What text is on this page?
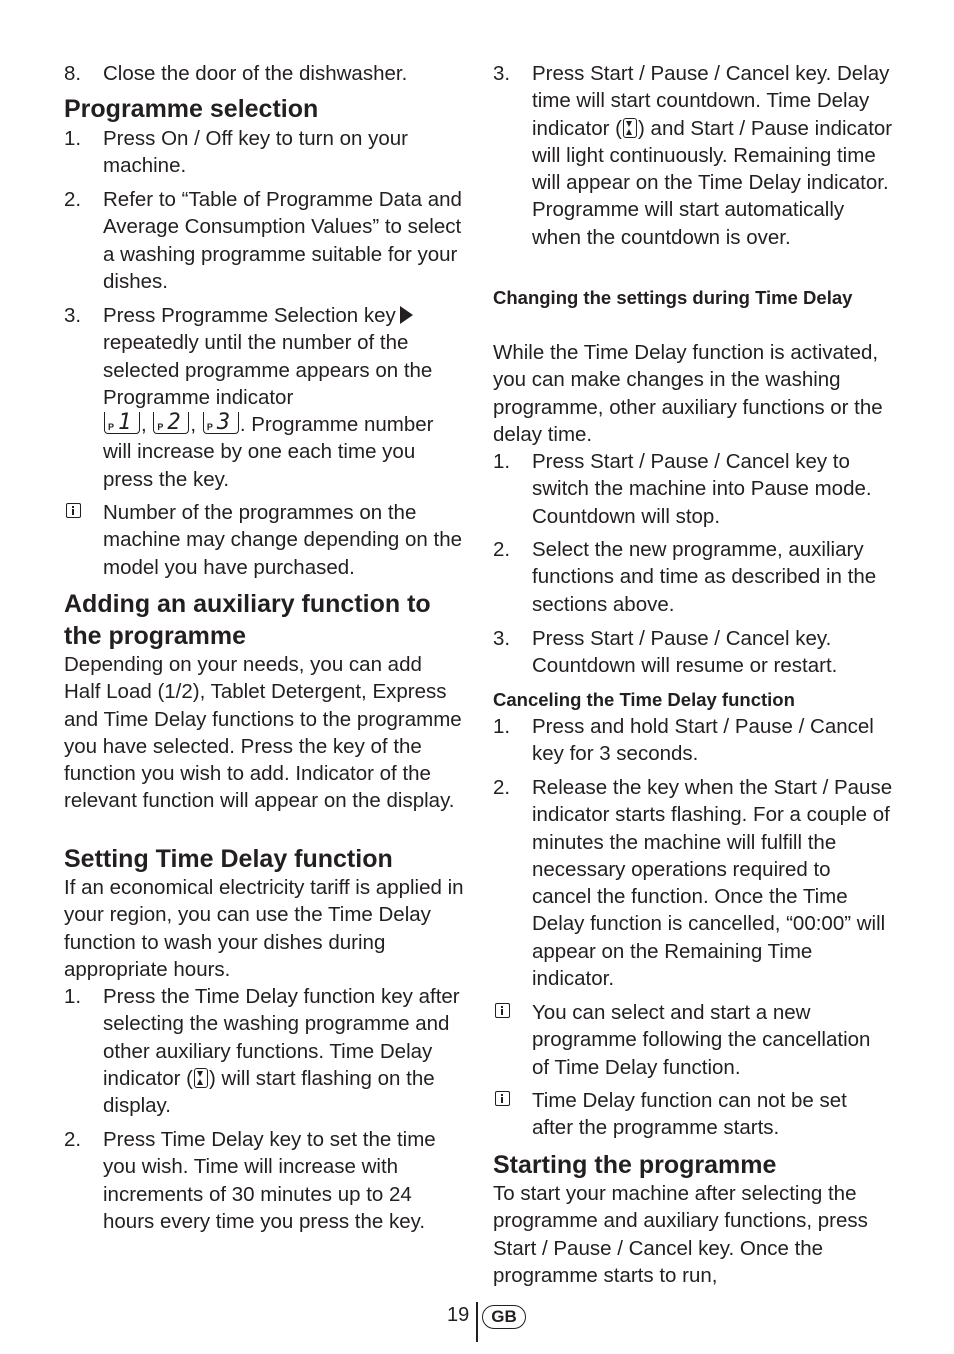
8. Close the door of the dishwasher.

Programme selection

1. Press On / Off key to turn on your machine.

2. Refer to “Table of Programme Data and Average Consumption Values” to select a washing programme suitable for your dishes.

3. Press Programme Selection key repeatedly until the number of the selected programme appears on the Programme indicator

P 1 , P 2 , P 3 . Programme number will increase by one each time you press the key.

Number of the programmes on the machine may change depending on the model you have purchased.

Adding an auxiliary function to the programme

Depending on your needs, you can add Half Load (1/2), Tablet Detergent, Express and Time Delay functions to the programme you have selected. Press the key of the function you wish to add. Indicator of the relevant function will appear on the display.

Setting Time Delay function

If an economical electricity tariff is applied in your region, you can use the Time Delay function to wash your dishes during appropriate hours.

1. Press the Time Delay function key after selecting the washing programme and other auxiliary functions. Time Delay indicator ( ) will start flashing on the display.

2. Press Time Delay key to set the time you wish. Time will increase with increments of 30 minutes up to 24 hours every time you press the key.

3. Press Start / Pause / Cancel key. Delay time will start countdown. Time Delay indicator ( ) and Start / Pause indicator will light continuously. Remaining time will appear on the Time Delay indicator. Programme will start automatically when the countdown is over.

Changing the settings during Time Delay

While the Time Delay function is activated, you can make changes in the washing programme, other auxiliary functions or the delay time.

1. Press Start / Pause / Cancel key to switch the machine into Pause mode. Countdown will stop.

2. Select the new programme, auxiliary functions and time as described in the sections above.

3. Press Start / Pause / Cancel key. Countdown will resume or restart.

Canceling the Time Delay function

1. Press and hold Start / Pause / Cancel key for 3 seconds.

2. Release the key when the Start / Pause indicator starts flashing. For a couple of minutes the machine will fulfill the necessary operations required to cancel the function. Once the Time Delay function is cancelled, “00:00” will appear on the Remaining Time indicator.

You can select and start a new programme following the cancellation of Time Delay function.

Time Delay function can not be set after the programme starts.

Starting the programme

To start your machine after selecting the programme and auxiliary functions, press Start / Pause / Cancel key. Once the programme starts to run,

19	GB
